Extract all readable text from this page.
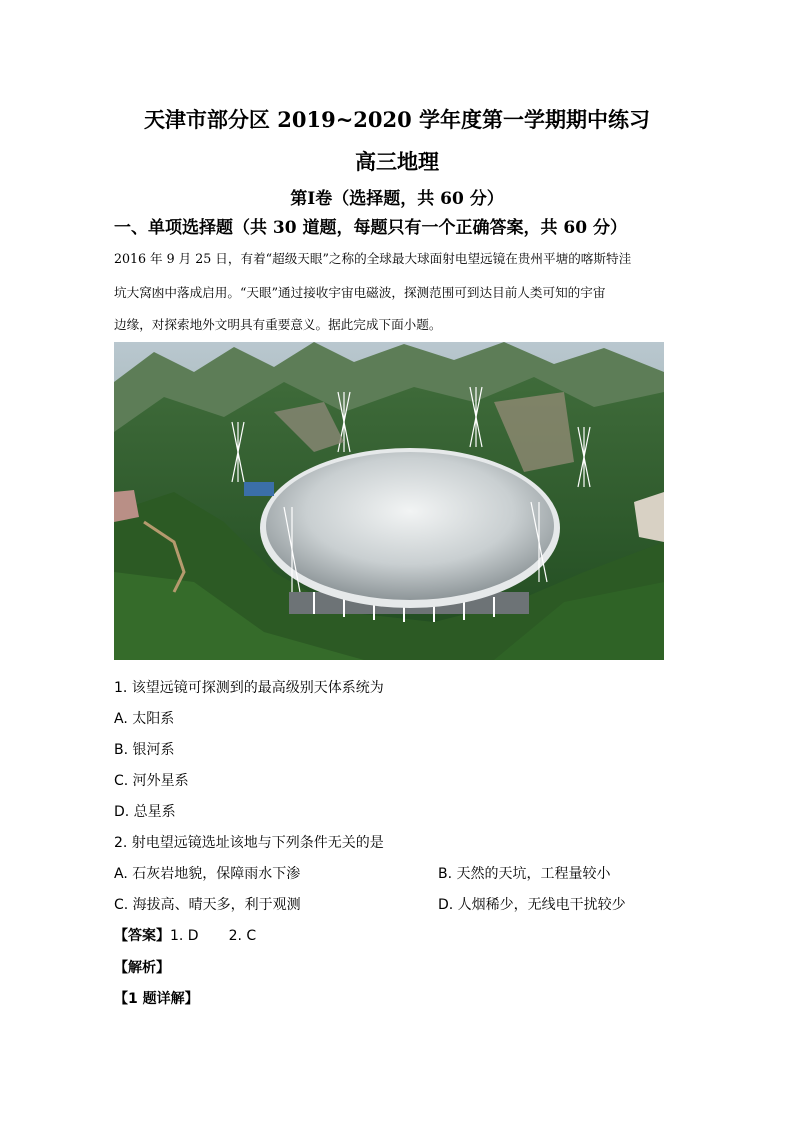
天津市部分区 2019~2020 学年度第一学期期中练习
高三地理
第Ⅰ卷（选择题，共 60 分）
一、单项选择题（共 30 道题，每题只有一个正确答案，共 60 分）
2016 年 9 月 25 日，有着“超级天眼”之称的全球最大球面射电望远镜在贵州平塘的喀斯特洼
坑大窝凼中落成启用。“天眼”通过接收宇宙电磁波，探测范围可到达目前人类可知的宇宙
边缘，对探索地外文明具有重要意义。据此完成下面小题。
1. 该望远镜可探测到的最高级别天体系统为
A. 太阳系
B. 银河系
C. 河外星系
D. 总星系
2. 射电望远镜选址该地与下列条件无关的是
A. 石灰岩地貌，保障雨水下渗	B. 天然的天坑，工程量较小
C. 海拔高、晴天多，利于观测	D. 人烟稀少，无线电干扰较少
【答案】1. D 2. C
【解析】
【1 题详解】
